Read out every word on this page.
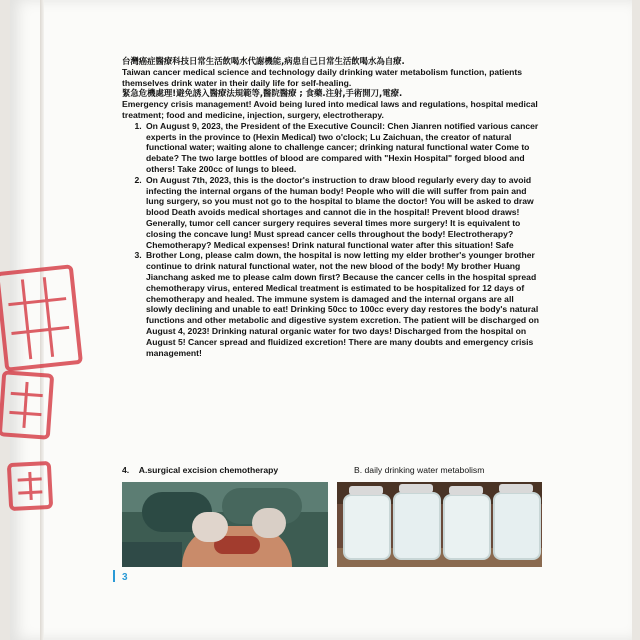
台灣癌症醫療科技日常生活飲喝水代謝機能,病患自己日常生活飲喝水為自療.

Taiwan cancer medical science and technology daily drinking water metabolism function, patients themselves drink water in their daily life for self-healing.

緊急危機處理!避免誘入醫療法規範等,醫院醫療 ; 食藥.注射,手術開刀,電療.

Emergency crisis management! Avoid being lured into medical laws and regulations, hospital medical treatment; food and medicine, injection, surgery, electrotherapy.

1. On August 9, 2023, the President of the Executive Council: Chen Jianren notified various cancer experts in the province to (Hexin Medical) two o'clock; Lu Zaichuan, the creator of natural functional water; waiting alone to challenge cancer; drinking natural functional water Come to debate? The two large bottles of blood are compared with "Hexin Hospital" forged blood and others! Take 200cc of lungs to bleed.
2. On August 7th, 2023, this is the doctor's instruction to draw blood regularly every day to avoid infecting the internal organs of the human body! People who will die will suffer from pain and lung surgery, so you must not go to the hospital to blame the doctor! You will be asked to draw blood Death avoids medical shortages and cannot die in the hospital! Prevent blood draws! Generally, tumor cell cancer surgery requires several times more surgery! It is equivalent to closing the concave lung! Must spread cancer cells throughout the body! Electrotherapy? Chemotherapy? Medical expenses! Drink natural functional water after this situation! Safe
3. Brother Long, please calm down, the hospital is now letting my elder brother's younger brother continue to drink natural functional water, not the new blood of the body! My brother Huang Jianchang asked me to please calm down first? Because the cancer cells in the hospital spread chemotherapy virus, entered Medical treatment is estimated to be hospitalized for 12 days of chemotherapy and healed. The immune system is damaged and the internal organs are all slowly declining and unable to eat! Drinking 50cc to 100cc every day restores the body's natural functions and other metabolic and digestive system excretion. The patient will be discharged on August 4, 2023! Drinking natural organic water for two days! Discharged from the hospital on August 5! Cancer spread and fluidized excretion! There are many doubts and emergency crisis management!
4. A.surgical excision chemotherapy	B. daily drinking water metabolism
3
